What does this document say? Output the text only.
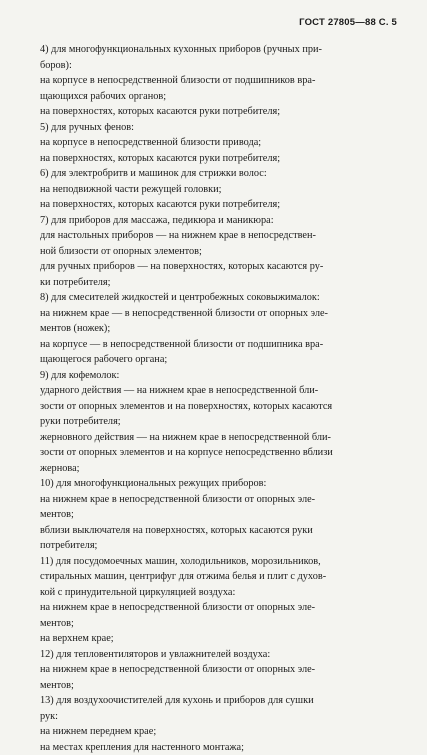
ГОСТ 27805—88 С. 5
4) для многофункциональных кухонных приборов (ручных при-
боров):
на корпусе в непосредственной близости от подшипников вра-
щающихся рабочих органов;
на поверхностях, которых касаются руки потребителя;
5) для ручных фенов:
на корпусе в непосредственной близости привода;
на поверхностях, которых касаются руки потребителя;
6) для электробритв и машинок для стрижки волос:
на неподвижной части режущей головки;
на поверхностях, которых касаются руки потребителя;
7) для приборов для массажа, педикюра и маникюра:
для настольных приборов — на нижнем крае в непосредствен-
ной близости от опорных элементов;
для ручных приборов — на поверхностях, которых касаются ру-
ки потребителя;
8) для смесителей жидкостей и центробежных соковыжималок:
на нижнем крае — в непосредственной близости от опорных эле-
ментов (ножек);
на корпусе — в непосредственной близости от подшипника вра-
щающегося рабочего органа;
9) для кофемолок:
ударного действия — на нижнем крае в непосредственной бли-
зости от опорных элементов и на поверхностях, которых касаются
руки потребителя;
жерновного действия — на нижнем крае в непосредственной бли-
зости от опорных элементов и на корпусе непосредственно вблизи
жернова;
10) для многофункциональных режущих приборов:
на нижнем крае в непосредственной близости от опорных эле-
ментов;
вблизи выключателя на поверхностях, которых касаются руки
потребителя;
11) для посудомоечных машин, холодильников, морозильников,
стиральных машин, центрифуг для отжима белья и плит с духов-
кой с принудительной циркуляцией воздуха:
на нижнем крае в непосредственной близости от опорных эле-
ментов;
на верхнем крае;
12) для тепловентиляторов и увлажнителей воздуха:
на нижнем крае в непосредственной близости от опорных эле-
ментов;
13) для воздухоочистителей для кухонь и приборов для сушки
рук:
на нижнем переднем крае;
на местах крепления для настенного монтажа;
